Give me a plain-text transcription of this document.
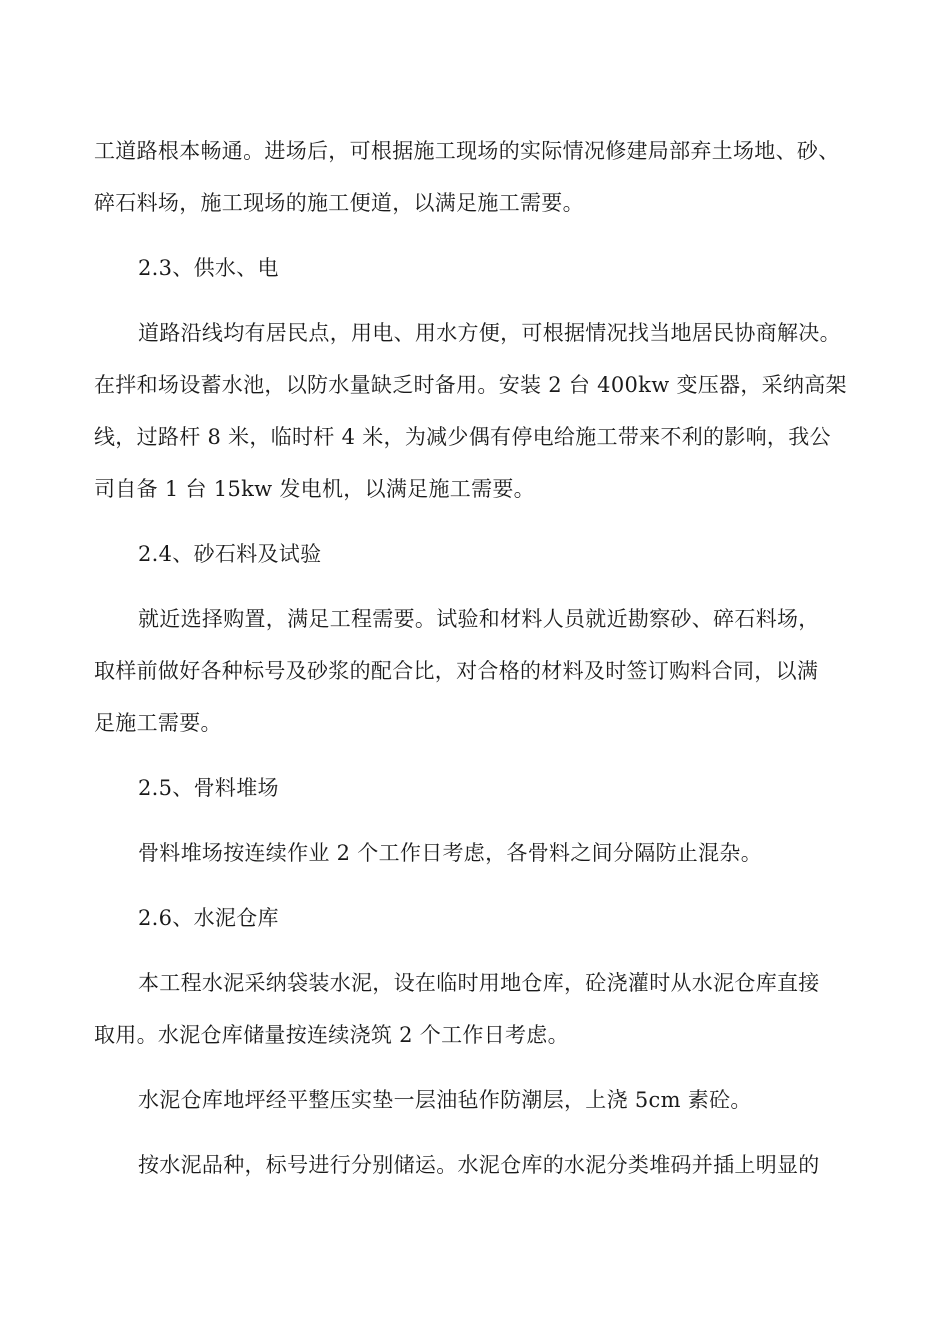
工道路根本畅通。进场后，可根据施工现场的实际情况修建局部弃土场地、砂、
碎石料场，施工现场的施工便道，以满足施工需要。
2.3、供水、电
道路沿线均有居民点，用电、用水方便，可根据情况找当地居民协商解决。
在拌和场设蓄水池，以防水量缺乏时备用。安装 2 台 400kw 变压器，采纳高架
线，过路杆 8 米，临时杆 4 米，为减少偶有停电给施工带来不利的影响，我公
司自备 1 台 15kw 发电机，以满足施工需要。
2.4、砂石料及试验
就近选择购置，满足工程需要。试验和材料人员就近勘察砂、碎石料场，
取样前做好各种标号及砂浆的配合比，对合格的材料及时签订购料合同，以满
足施工需要。
2.5、骨料堆场
骨料堆场按连续作业 2 个工作日考虑，各骨料之间分隔防止混杂。
2.6、水泥仓库
本工程水泥采纳袋装水泥，设在临时用地仓库，砼浇灌时从水泥仓库直接
取用。水泥仓库储量按连续浇筑 2 个工作日考虑。
水泥仓库地坪经平整压实垫一层油毡作防潮层，上浇 5cm 素砼。
按水泥品种，标号进行分别储运。水泥仓库的水泥分类堆码并插上明显的
